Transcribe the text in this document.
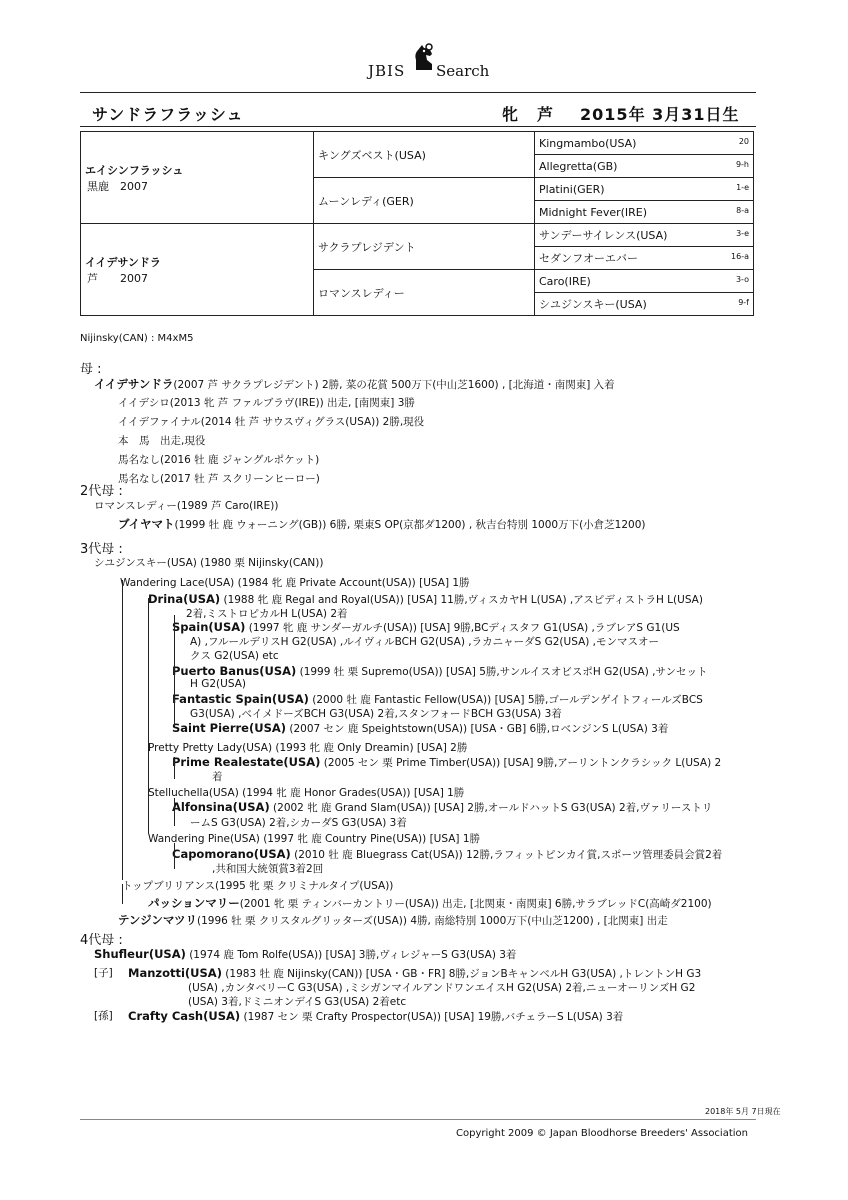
JBIS Search
サンドラフラッシュ	牝 芦 2015年 3月31日生
エイシンフラッシュ
黒鹿　2007	キングズベスト(USA)	Kingmambo(USA) 20

		Allegretta(GB) 9-h

	ムーンレディ(GER)	Platini(GER) 1-e

		Midnight Fever(IRE) 8-a

イイデサンドラ
芦　　2007	サクラプレジデント	サンデーサイレンス(USA) 3-e

		セダンフオーエバー 16-a

	ロマンスレディー	Caro(IRE) 3-o

		シユジンスキー(USA) 9-f
Nijinsky(CAN) : M4xM5
母 :
2代母 :
3代母 :
4代母 :
イイデサンドラ(2007 芦 サクラプレジデント) 2勝, 菜の花賞 500万下(中山芝1600) , [北海道・南関東] 入着
イイデシロ(2013 牝 芦 ファルブラヴ(IRE)) 出走, [南関東] 3勝
イイデファイナル(2014 牡 芦 サウスヴィグラス(USA)) 2勝,現役
本　馬　出走,現役
馬名なし(2016 牡 鹿 ジャングルポケット)
馬名なし(2017 牡 芦 スクリーンヒーロー)
ロマンスレディー(1989 芦 Caro(IRE))
ブイヤマト(1999 牡 鹿 ウォーニング(GB)) 6勝, 栗東S OP(京都ダ1200) , 秋吉台特別 1000万下(小倉芝1200)
シユジンスキー(USA) (1980 栗 Nijinsky(CAN))
Wandering Lace(USA) (1984 牝 鹿 Private Account(USA)) [USA] 1勝
Drina(USA) (1988 牝 鹿 Regal and Royal(USA)) [USA] 11勝,ヴィスカヤH L(USA) ,アスピディストラH L(USA)
2着,ミストロピカルH L(USA) 2着
Spain(USA) (1997 牝 鹿 サンダーガルチ(USA)) [USA] 9勝,BCディスタフ G1(USA) ,ラブレアS G1(US
A) ,フルールデリスH G2(USA) ,ルイヴィルBCH G2(USA) ,ラカニャーダS G2(USA) ,モンマスオー
クス G2(USA) etc
Puerto Banus(USA) (1999 牡 栗 Supremo(USA)) [USA] 5勝,サンルイスオビスポH G2(USA) ,サンセット
H G2(USA)
Fantastic Spain(USA) (2000 牡 鹿 Fantastic Fellow(USA)) [USA] 5勝,ゴールデンゲイトフィールズBCS
G3(USA) ,ベイメドーズBCH G3(USA) 2着,スタンフォードBCH G3(USA) 3着
Saint Pierre(USA) (2007 セン 鹿 Speightstown(USA)) [USA・GB] 6勝,ロベンジンS L(USA) 3着
Pretty Pretty Lady(USA) (1993 牝 鹿 Only Dreamin) [USA] 2勝
Prime Realestate(USA) (2005 セン 栗 Prime Timber(USA)) [USA] 9勝,アーリントンクラシック L(USA) 2
着
Stelluchella(USA) (1994 牝 鹿 Honor Grades(USA)) [USA] 1勝
Alfonsina(USA) (2002 牝 鹿 Grand Slam(USA)) [USA] 2勝,オールドハットS G3(USA) 2着,ヴァリーストリ
ームS G3(USA) 2着,シカーダS G3(USA) 3着
Wandering Pine(USA) (1997 牝 鹿 Country Pine(USA)) [USA] 1勝
Capomorano(USA) (2010 牡 鹿 Bluegrass Cat(USA)) 12勝,ラフィットピンカイ賞,スポーツ管理委員会賞2着
,共和国大統領賞3着2回
トップブリリアンス(1995 牝 栗 クリミナルタイプ(USA))
パッションマリー(2001 牝 栗 ティンバーカントリー(USA)) 出走, [北関東・南関東] 6勝,サラブレッドC(高崎ダ2100)
テンジンマツリ(1996 牡 栗 クリスタルグリッターズ(USA)) 4勝, 南総特別 1000万下(中山芝1200) , [北関東] 出走
Shufleur(USA) (1974 鹿 Tom Rolfe(USA)) [USA] 3勝,ヴィレジャーS G3(USA) 3着
Manzotti(USA) (1983 牡 鹿 Nijinsky(CAN)) [USA・GB・FR] 8勝,ジョンBキャンベルH G3(USA) ,トレントンH G3
(USA) ,カンタベリーC G3(USA) ,ミシガンマイルアンドワンエイスH G2(USA) 2着,ニューオーリンズH G2
(USA) 3着,ドミニオンデイS G3(USA) 2着etc
Crafty Cash(USA) (1987 セン 栗 Crafty Prospector(USA)) [USA] 19勝,バチェラーS L(USA) 3着
[子]
[孫]
2018年 5月 7日現在
Copyright 2009 © Japan Bloodhorse Breeders' Association
